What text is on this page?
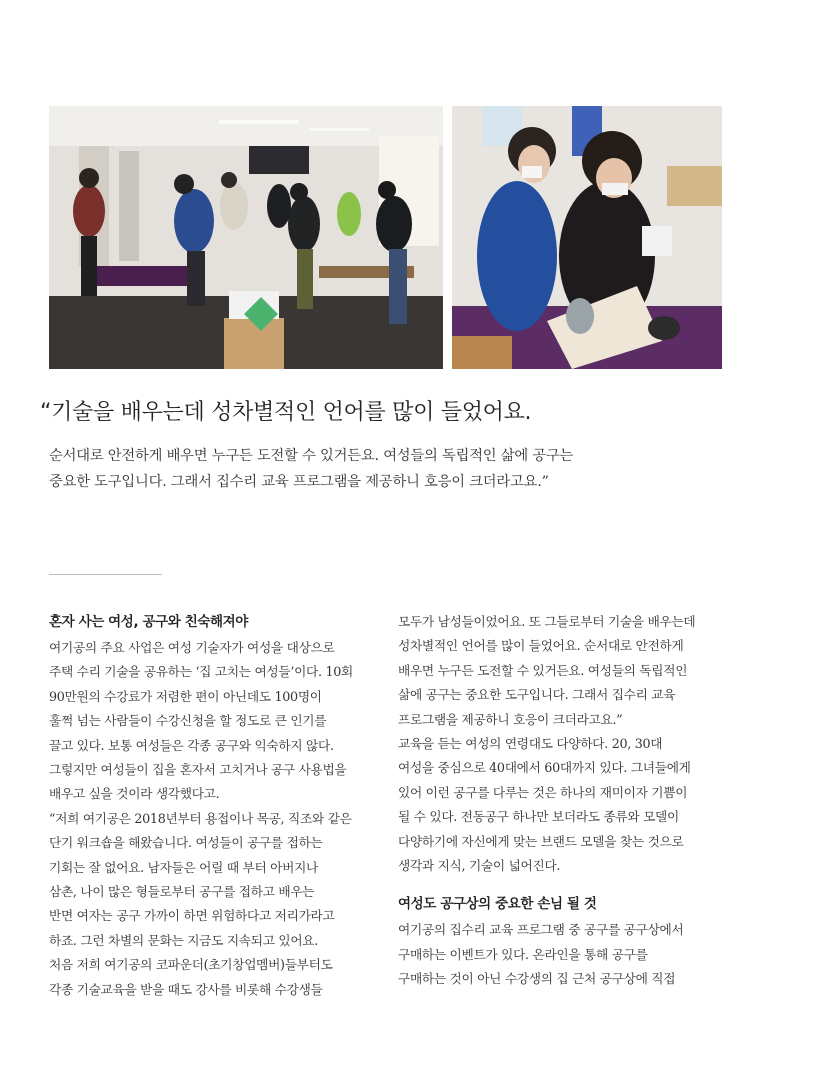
“기술을 배우는데 성차별적인 언어를 많이 들었어요.

순서대로 안전하게 배우면 누구든 도전할 수 있거든요. 여성들의 독립적인 삶에 공구는

중요한 도구입니다. 그래서 집수리 교육 프로그램을 제공하니 호응이 크더라고요.”

혼자 사는 여성, 공구와 친숙해져야

여기공의 주요 사업은 여성 기술자가 여성을 대상으로

주택 수리 기술을 공유하는 ‘집 고치는 여성들’이다. 10회

90만원의 수강료가 저렴한 편이 아닌데도 100명이

훌쩍 넘는 사람들이 수강신청을 할 정도로 큰 인기를

끌고 있다. 보통 여성들은 각종 공구와 익숙하지 않다.

그렇지만 여성들이 집을 혼자서 고치거나 공구 사용법을

배우고 싶을 것이라 생각했다고.

“저희 여기공은 2018년부터 용접이나 목공, 직조와 같은

단기 워크숍을 해왔습니다. 여성들이 공구를 접하는

기회는 잘 없어요. 남자들은 어릴 때 부터 아버지나

삼촌, 나이 많은 형들로부터 공구를 접하고 배우는

반면 여자는 공구 가까이 하면 위험하다고 저리가라고

하죠. 그런 차별의 문화는 지금도 지속되고 있어요.

처음 저희 여기공의 코파운더(초기창업멤버)들부터도

각종 기술교육을 받을 때도 강사를 비롯해 수강생들

모두가 남성들이었어요. 또 그들로부터 기술을 배우는데

성차별적인 언어를 많이 들었어요. 순서대로 안전하게

배우면 누구든 도전할 수 있거든요. 여성들의 독립적인

삶에 공구는 중요한 도구입니다. 그래서 집수리 교육

프로그램을 제공하니 호응이 크더라고요.”

교육을 듣는 여성의 연령대도 다양하다. 20, 30대

여성을 중심으로 40대에서 60대까지 있다. 그녀들에게

있어 이런 공구를 다루는 것은 하나의 재미이자 기쁨이

될 수 있다. 전동공구 하나만 보더라도 종류와 모델이

다양하기에 자신에게 맞는 브랜드 모델을 찾는 것으로

생각과 지식, 기술이 넓어진다.

여성도 공구상의 중요한 손님 될 것

여기공의 집수리 교육 프로그램 중 공구를 공구상에서

구매하는 이벤트가 있다. 온라인을 통해 공구를

구매하는 것이 아닌 수강생의 집 근처 공구상에 직접
